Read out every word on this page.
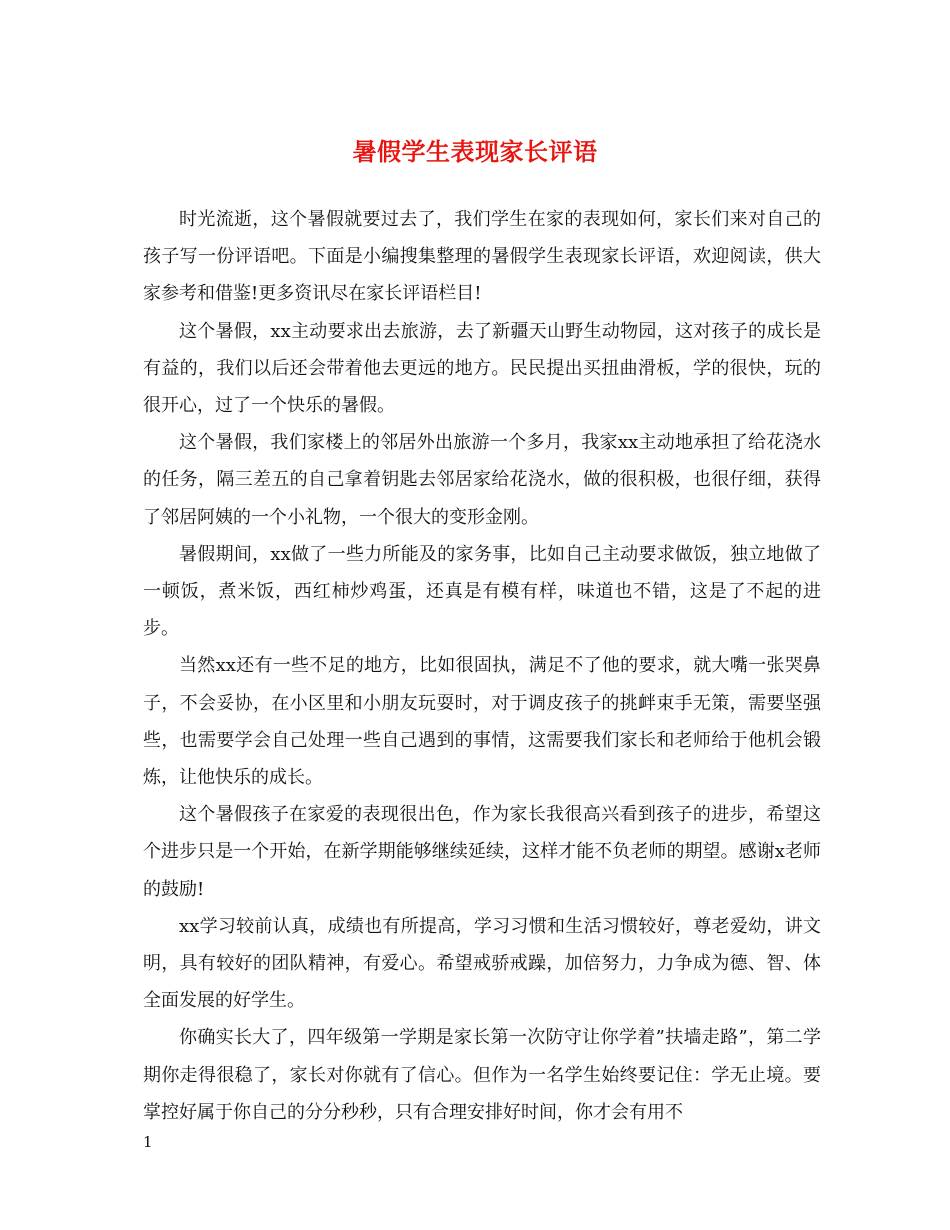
暑假学生表现家长评语

时光流逝，这个暑假就要过去了，我们学生在家的表现如何，家长们来对自己的孩子写一份评语吧。下面是小编搜集整理的暑假学生表现家长评语，欢迎阅读，供大家参考和借鉴!更多资讯尽在家长评语栏目!

这个暑假，xx主动要求出去旅游，去了新疆天山野生动物园，这对孩子的成长是有益的，我们以后还会带着他去更远的地方。民民提出买扭曲滑板，学的很快，玩的很开心，过了一个快乐的暑假。

这个暑假，我们家楼上的邻居外出旅游一个多月，我家xx主动地承担了给花浇水的任务，隔三差五的自己拿着钥匙去邻居家给花浇水，做的很积极，也很仔细，获得了邻居阿姨的一个小礼物，一个很大的变形金刚。

暑假期间，xx做了一些力所能及的家务事，比如自己主动要求做饭，独立地做了一顿饭，煮米饭，西红柿炒鸡蛋，还真是有模有样，味道也不错，这是了不起的进步。

当然xx还有一些不足的地方，比如很固执，满足不了他的要求，就大嘴一张哭鼻子，不会妥协，在小区里和小朋友玩耍时，对于调皮孩子的挑衅束手无策，需要坚强些，也需要学会自己处理一些自己遇到的事情，这需要我们家长和老师给于他机会锻炼，让他快乐的成长。

这个暑假孩子在家爱的表现很出色，作为家长我很高兴看到孩子的进步，希望这个进步只是一个开始，在新学期能够继续延续，这样才能不负老师的期望。感谢x老师的鼓励!

xx学习较前认真，成绩也有所提高，学习习惯和生活习惯较好，尊老爱幼，讲文明，具有较好的团队精神，有爱心。希望戒骄戒躁，加倍努力，力争成为德、智、体全面发展的好学生。

你确实长大了，四年级第一学期是家长第一次防守让你学着”扶墙走路”，第二学期你走得很稳了，家长对你就有了信心。但作为一名学生始终要记住：学无止境。要掌控好属于你自己的分分秒秒，只有合理安排好时间，你才会有用不

1
